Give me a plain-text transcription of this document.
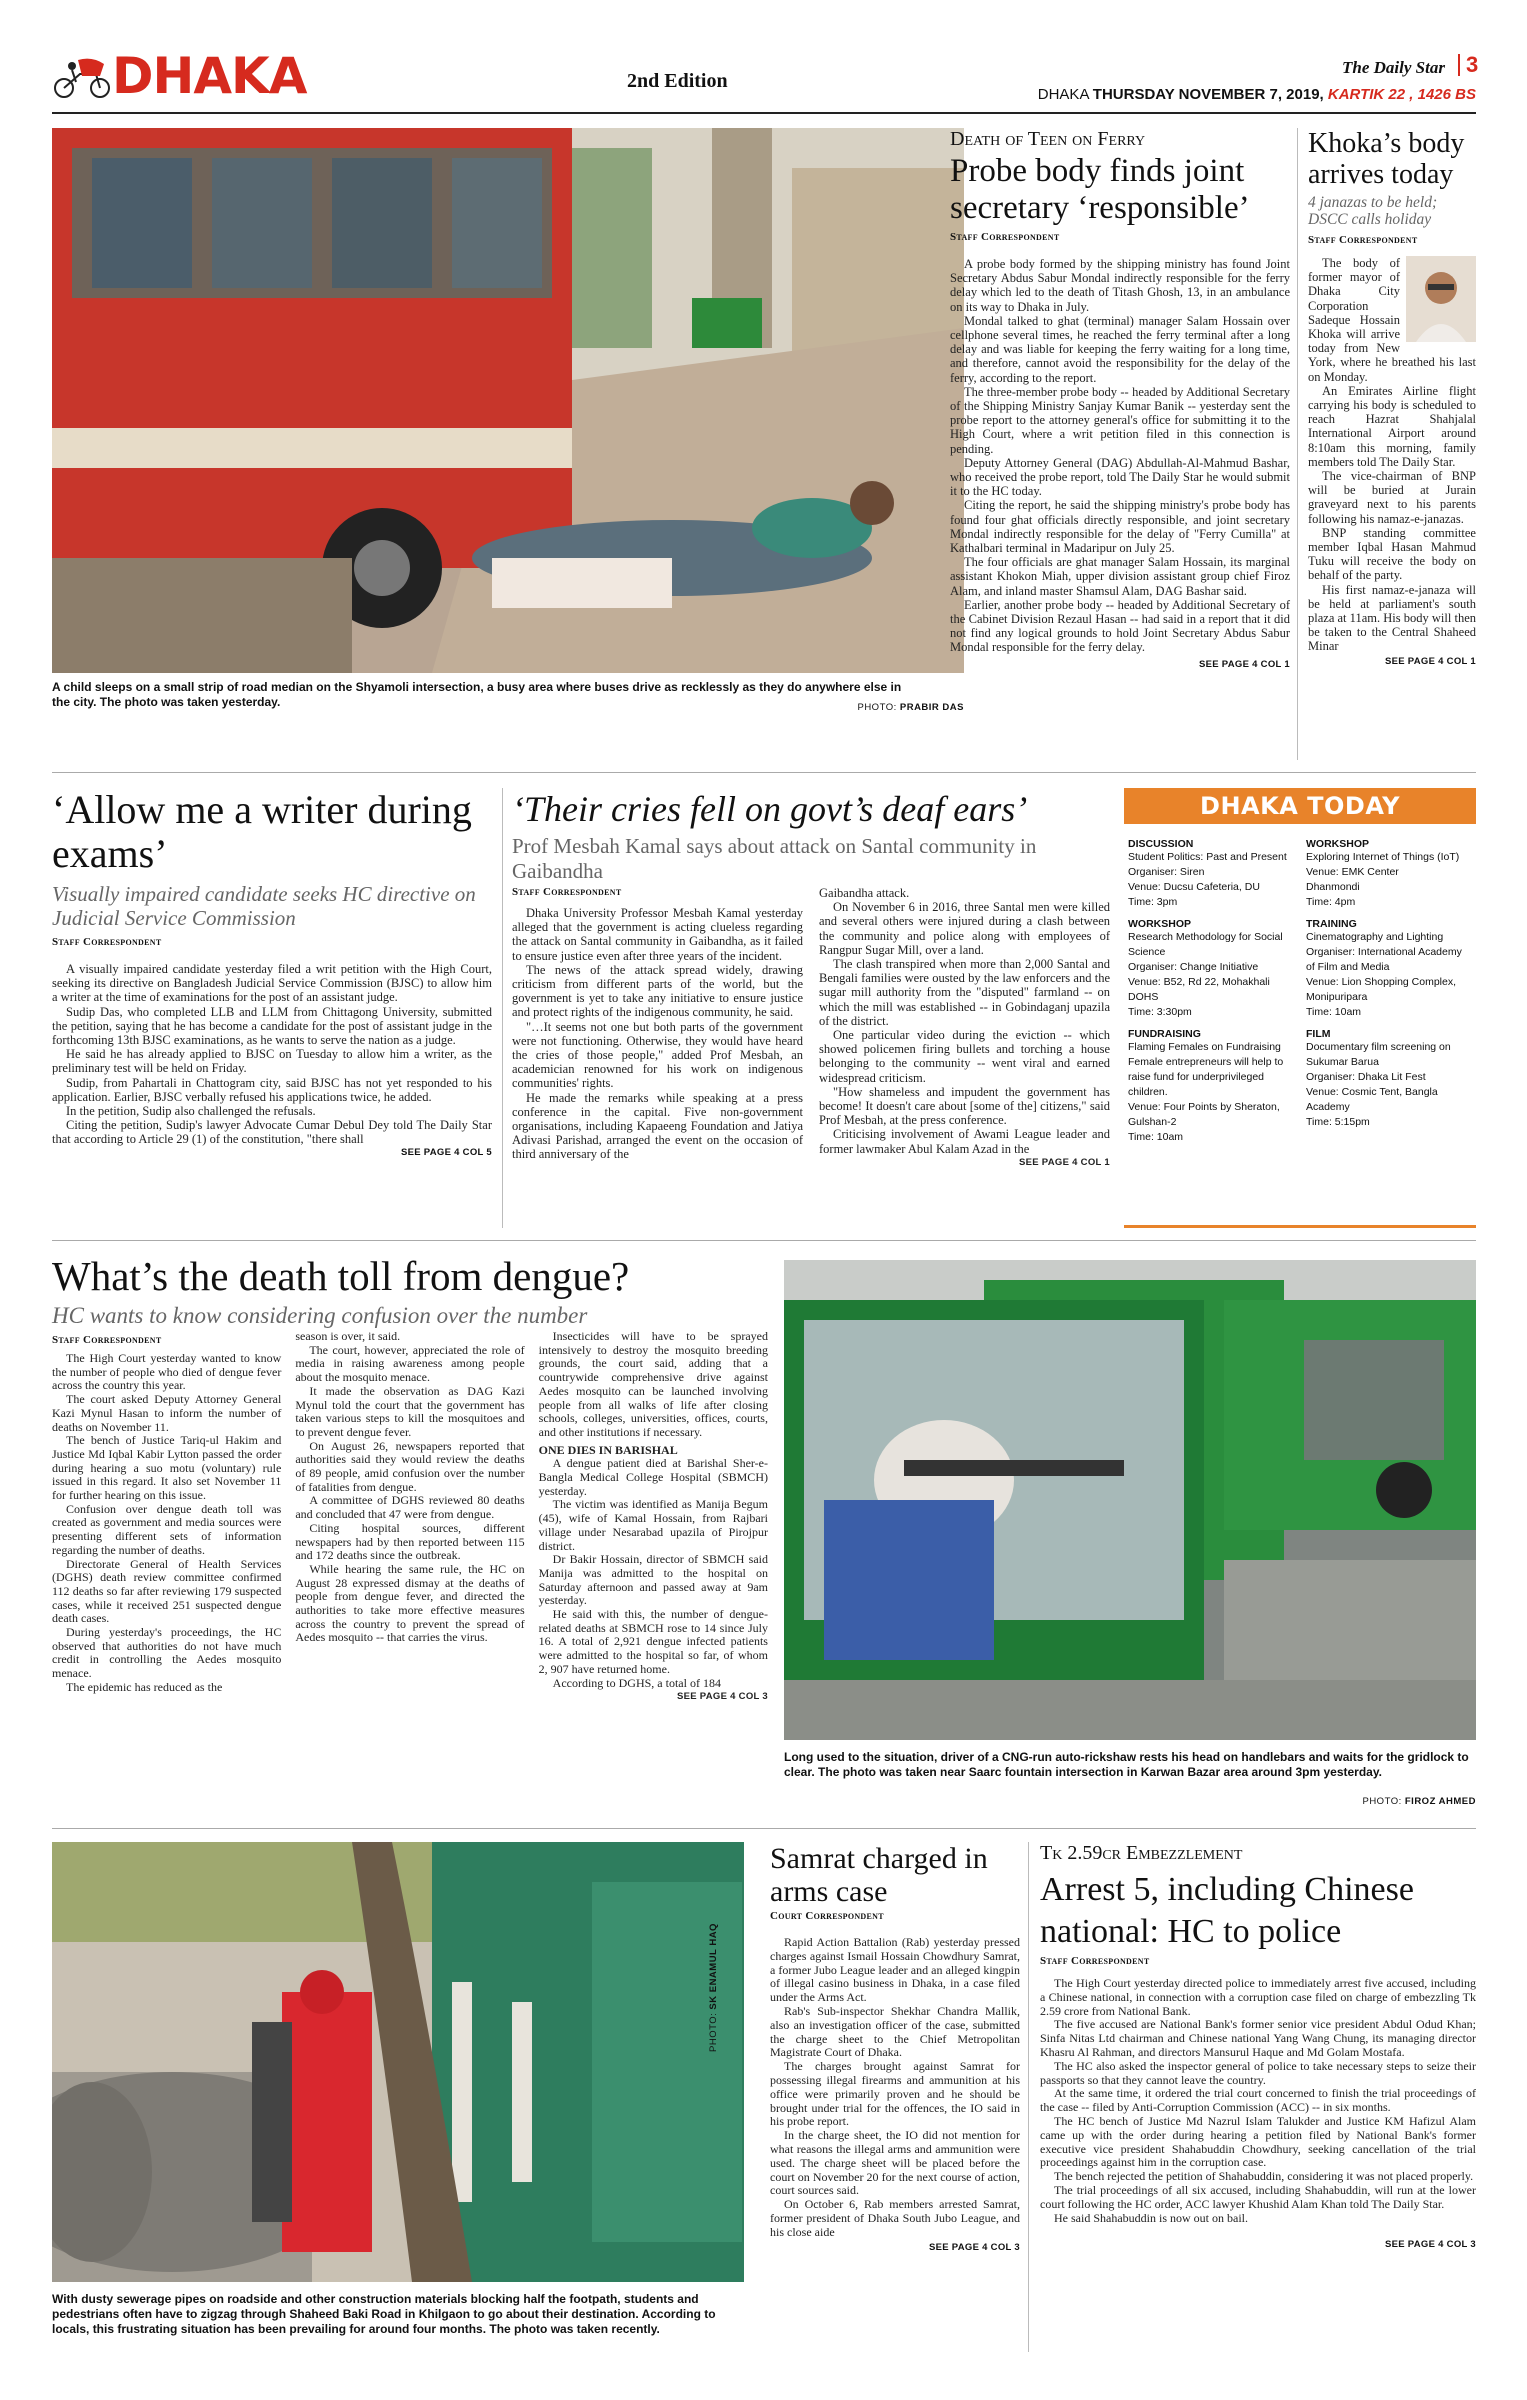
DHAKA	2nd Edition
The Daily Star 3
DHAKA THURSDAY NOVEMBER 7, 2019, KARTIK 22 , 1426 BS
A child sleeps on a small strip of road median on the Shyamoli intersection, a busy area where buses drive as recklessly as they do anywhere else in the city. The photo was taken yesterday.	PHOTO: PRABIR DAS
Death of Teen on Ferry
Probe body finds joint secretary ‘responsible’
Staff Correspondent

A probe body formed by the shipping ministry has found Joint Secretary Abdus Sabur Mondal indirectly responsible for the ferry delay which led to the death of Titash Ghosh, 13, in an ambulance on its way to Dhaka in July.

Mondal talked to ghat (terminal) manager Salam Hossain over cellphone several times, he reached the ferry terminal after a long delay and was liable for keeping the ferry waiting for a long time, and therefore, cannot avoid the responsibility for the delay of the ferry, according to the report.

The three-member probe body -- headed by Additional Secretary of the Shipping Ministry Sanjay Kumar Banik -- yesterday sent the probe report to the attorney general's office for submitting it to the High Court, where a writ petition filed in this connection is pending.

Deputy Attorney General (DAG) Abdullah-Al-Mahmud Bashar, who received the probe report, told The Daily Star he would submit it to the HC today.

Citing the report, he said the shipping ministry's probe body has found four ghat officials directly responsible, and joint secretary Mondal indirectly responsible for the delay of "Ferry Cumilla" at Kathalbari terminal in Madaripur on July 25.

The four officials are ghat manager Salam Hossain, its marginal assistant Khokon Miah, upper division assistant group chief Firoz Alam, and inland master Shamsul Alam, DAG Bashar said.

Earlier, another probe body -- headed by Additional Secretary of the Cabinet Division Rezaul Hasan -- had said in a report that it did not find any logical grounds to hold Joint Secretary Abdus Sabur Mondal responsible for the ferry delay.

SEE PAGE 4 COL 1
Khoka’s body arrives today
4 janazas to be held; DSCC calls holiday
Staff Correspondent

The body of former mayor of Dhaka City Corporation Sadeque Hossain Khoka will arrive today from New York, where he breathed his last on Monday.

An Emirates Airline flight carrying his body is scheduled to reach Hazrat Shahjalal International Airport around 8:10am this morning, family members told The Daily Star.

The vice-chairman of BNP will be buried at Jurain graveyard next to his parents following his namaz-e-janazas.

BNP standing committee member Iqbal Hasan Mahmud Tuku will receive the body on behalf of the party.

His first namaz-e-janaza will be held at parliament's south plaza at 11am. His body will then be taken to the Central Shaheed Minar

SEE PAGE 4 COL 1
‘Allow me a writer during exams’
Visually impaired candidate seeks HC directive on Judicial Service Commission
Staff Correspondent

A visually impaired candidate yesterday filed a writ petition with the High Court, seeking its directive on Bangladesh Judicial Service Commission (BJSC) to allow him a writer at the time of examinations for the post of an assistant judge.

Sudip Das, who completed LLB and LLM from Chittagong University, submitted the petition, saying that he has become a candidate for the post of assistant judge in the forthcoming 13th BJSC examinations, as he wants to serve the nation as a judge.

He said he has already applied to BJSC on Tuesday to allow him a writer, as the preliminary test will be held on Friday.

Sudip, from Pahartali in Chattogram city, said BJSC has not yet responded to his application. Earlier, BJSC verbally refused his applications twice, he added.

In the petition, Sudip also challenged the refusals.

Citing the petition, Sudip's lawyer Advocate Cumar Debul Dey told The Daily Star that according to Article 29 (1) of the constitution, "there shall

SEE PAGE 4 COL 5
‘Their cries fell on govt’s deaf ears’
Prof Mesbah Kamal says about attack on Santal community in Gaibandha
Staff Correspondent

Dhaka University Professor Mesbah Kamal yesterday alleged that the government is acting clueless regarding the attack on Santal community in Gaibandha, as it failed to ensure justice even after three years of the incident.

The news of the attack spread widely, drawing criticism from different parts of the world, but the government is yet to take any initiative to ensure justice and protect rights of the indigenous community, he said.

"…It seems not one but both parts of the government were not functioning. Otherwise, they would have heard the cries of those people," added Prof Mesbah, an academician renowned for his work on indigenous communities' rights.

He made the remarks while speaking at a press conference in the capital. Five non-government organisations, including Kapaeeng Foundation and Jatiya Adivasi Parishad, arranged the event on the occasion of third anniversary of the

Gaibandha attack.

On November 6 in 2016, three Santal men were killed and several others were injured during a clash between the community and police along with employees of Rangpur Sugar Mill, over a land.

The clash transpired when more than 2,000 Santal and Bengali families were ousted by the law enforcers and the sugar mill authority from the "disputed" farmland -- on which the mill was established -- in Gobindaganj upazila of the district.

One particular video during the eviction -- which showed policemen firing bullets and torching a house belonging to the community -- went viral and earned widespread criticism.

"How shameless and impudent the government has become! It doesn't care about [some of the] citizens," said Prof Mesbah, at the press conference.

Criticising involvement of Awami League leader and former lawmaker Abul Kalam Azad in the

SEE PAGE 4 COL 1
DHAKA TODAY
DISCUSSION
Student Politics: Past and Present
Organiser: Siren
Venue: Ducsu Cafeteria, DU
Time: 3pm
WORKSHOP
Research Methodology for Social Science
Organiser: Change Initiative
Venue: B52, Rd 22, Mohakhali DOHS
Time: 3:30pm
FUNDRAISING
Flaming Females on Fundraising
Female entrepreneurs will help to raise fund for underprivileged children.
Venue: Four Points by Sheraton, Gulshan-2
Time: 10am
WORKSHOP
Exploring Internet of Things (IoT)
Venue: EMK Center
Dhanmondi
Time: 4pm
TRAINING
Cinematography and Lighting
Organiser: International Academy of Film and Media
Venue: Lion Shopping Complex, Monipuripara
Time: 10am
FILM
Documentary film screening on Sukumar Barua
Organiser: Dhaka Lit Fest
Venue: Cosmic Tent, Bangla Academy
Time: 5:15pm
What’s the death toll from dengue?
HC wants to know considering confusion over the number
Staff Correspondent

The High Court yesterday wanted to know the number of people who died of dengue fever across the country this year.

The court asked Deputy Attorney General Kazi Mynul Hasan to inform the number of deaths on November 11.

The bench of Justice Tariq-ul Hakim and Justice Md Iqbal Kabir Lytton passed the order during hearing a suo motu (voluntary) rule issued in this regard. It also set November 11 for further hearing on this issue.

Confusion over dengue death toll was created as government and media sources were presenting different sets of information regarding the number of deaths.

Directorate General of Health Services (DGHS) death review committee confirmed 112 deaths so far after reviewing 179 suspected cases, while it received 251 suspected dengue death cases.

During yesterday's proceedings, the HC observed that authorities do not have much credit in controlling the Aedes mosquito menace.

The epidemic has reduced as the

season is over, it said.

The court, however, appreciated the role of media in raising awareness among people about the mosquito menace.

It made the observation as DAG Kazi Mynul told the court that the government has taken various steps to kill the mosquitoes and to prevent dengue fever.

On August 26, newspapers reported that authorities said they would review the deaths of 89 people, amid confusion over the number of fatalities from dengue.

A committee of DGHS reviewed 80 deaths and concluded that 47 were from dengue.

Citing hospital sources, different newspapers had by then reported between 115 and 172 deaths since the outbreak.

While hearing the same rule, the HC on August 28 expressed dismay at the deaths of people from dengue fever, and directed the authorities to take more effective measures across the country to prevent the spread of Aedes mosquito -- that carries the virus.

Insecticides will have to be sprayed intensively to destroy the mosquito breeding grounds, the court said, adding that a countrywide comprehensive drive against Aedes mosquito can be launched involving people from all walks of life after closing schools, colleges, universities, offices, courts, and other institutions if necessary.

ONE DIES IN BARISHAL

A dengue patient died at Barishal Sher-e-Bangla Medical College Hospital (SBMCH) yesterday.

The victim was identified as Manija Begum (45), wife of Kamal Hossain, from Rajbari village under Nesarabad upazila of Pirojpur district.

Dr Bakir Hossain, director of SBMCH said Manija was admitted to the hospital on Saturday afternoon and passed away at 9am yesterday.

He said with this, the number of dengue-related deaths at SBMCH rose to 14 since July 16. A total of 2,921 dengue infected patients were admitted to the hospital so far, of whom 2, 907 have returned home.

According to DGHS, a total of 184

SEE PAGE 4 COL 3
Long used to the situation, driver of a CNG-run auto-rickshaw rests his head on handlebars and waits for the gridlock to clear. The photo was taken near Saarc fountain intersection in Karwan Bazar area around 3pm yesterday.
PHOTO: FIROZ AHMED
PHOTO: SK ENAMUL HAQ
With dusty sewerage pipes on roadside and other construction materials blocking half the footpath, students and pedestrians often have to zigzag through Shaheed Baki Road in Khilgaon to go about their destination. According to locals, this frustrating situation has been prevailing for around four months. The photo was taken recently.
Samrat charged in arms case
Court Correspondent

Rapid Action Battalion (Rab) yesterday pressed charges against Ismail Hossain Chowdhury Samrat, a former Jubo League leader and an alleged kingpin of illegal casino business in Dhaka, in a case filed under the Arms Act.

Rab's Sub-inspector Shekhar Chandra Mallik, also an investigation officer of the case, submitted the charge sheet to the Chief Metropolitan Magistrate Court of Dhaka.

The charges brought against Samrat for possessing illegal firearms and ammunition at his office were primarily proven and he should be brought under trial for the offences, the IO said in his probe report.

In the charge sheet, the IO did not mention for what reasons the illegal arms and ammunition were used. The charge sheet will be placed before the court on November 20 for the next course of action, court sources said.

On October 6, Rab members arrested Samrat, former president of Dhaka South Jubo League, and his close aide

SEE PAGE 4 COL 3
Tk 2.59cr Embezzlement
Arrest 5, including Chinese national: HC to police
Staff Correspondent

The High Court yesterday directed police to immediately arrest five accused, including a Chinese national, in connection with a corruption case filed on charge of embezzling Tk 2.59 crore from National Bank.

The five accused are National Bank's former senior vice president Abdul Odud Khan; Sinfa Nitas Ltd chairman and Chinese national Yang Wang Chung, its managing director Khasru Al Rahman, and directors Mansurul Haque and Md Golam Mostafa.

The HC also asked the inspector general of police to take necessary steps to seize their passports so that they cannot leave the country.

At the same time, it ordered the trial court concerned to finish the trial proceedings of the case -- filed by Anti-Corruption Commission (ACC) -- in six months.

The HC bench of Justice Md Nazrul Islam Talukder and Justice KM Hafizul Alam came up with the order during hearing a petition filed by National Bank's former executive vice president Shahabuddin Chowdhury, seeking cancellation of the trial proceedings against him in the corruption case.

The bench rejected the petition of Shahabuddin, considering it was not placed properly.

The trial proceedings of all six accused, including Shahabuddin, will run at the lower court following the HC order, ACC lawyer Khushid Alam Khan told The Daily Star.

He said Shahabuddin is now out on bail.

SEE PAGE 4 COL 3
